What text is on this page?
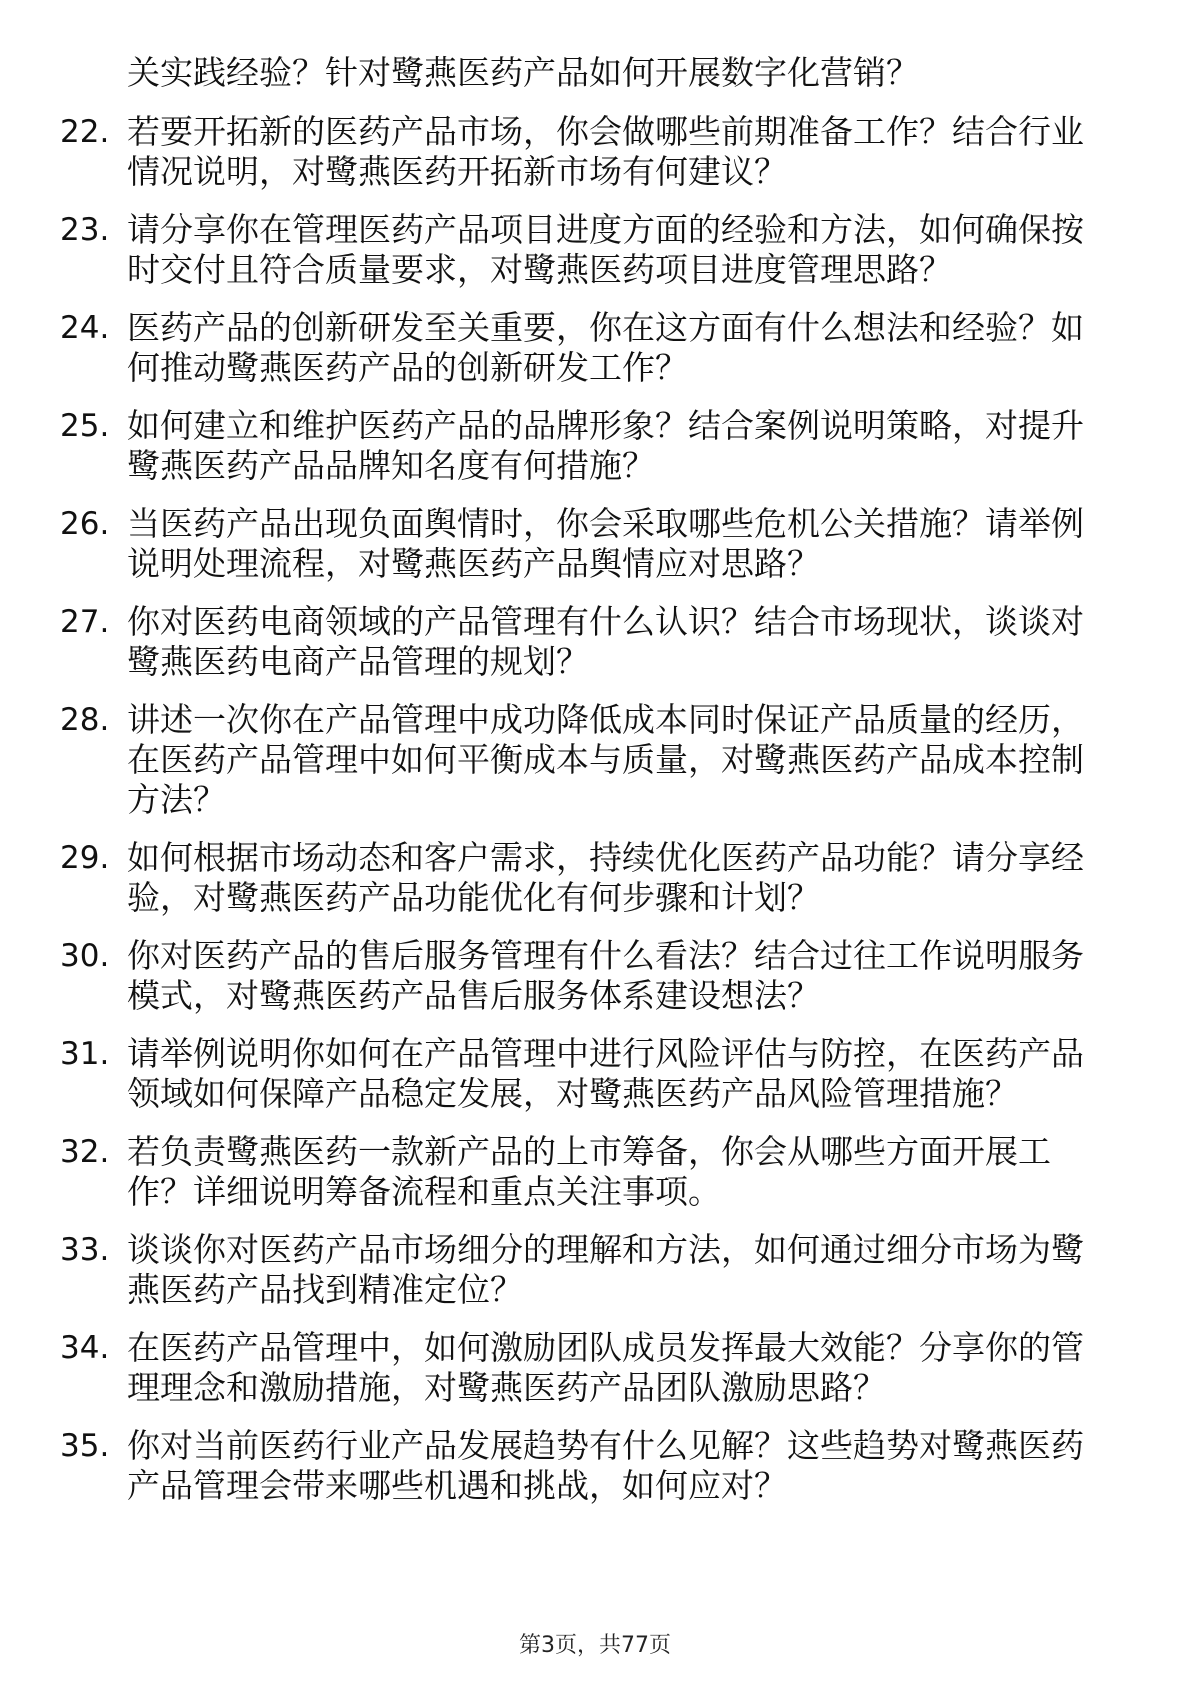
关实践经验？针对鹭燕医药产品如何开展数字化营销？

22. 若要开拓新的医药产品市场，你会做哪些前期准备工作？结合行业情况说明，对鹭燕医药开拓新市场有何建议？

23. 请分享你在管理医药产品项目进度方面的经验和方法，如何确保按时交付且符合质量要求，对鹭燕医药项目进度管理思路？

24. 医药产品的创新研发至关重要，你在这方面有什么想法和经验？如何推动鹭燕医药产品的创新研发工作？

25. 如何建立和维护医药产品的品牌形象？结合案例说明策略，对提升鹭燕医药产品品牌知名度有何措施？

26. 当医药产品出现负面舆情时，你会采取哪些危机公关措施？请举例说明处理流程，对鹭燕医药产品舆情应对思路？

27. 你对医药电商领域的产品管理有什么认识？结合市场现状，谈谈对鹭燕医药电商产品管理的规划？

28. 讲述一次你在产品管理中成功降低成本同时保证产品质量的经历，在医药产品管理中如何平衡成本与质量，对鹭燕医药产品成本控制方法？

29. 如何根据市场动态和客户需求，持续优化医药产品功能？请分享经验，对鹭燕医药产品功能优化有何步骤和计划？

30. 你对医药产品的售后服务管理有什么看法？结合过往工作说明服务模式，对鹭燕医药产品售后服务体系建设想法？

31. 请举例说明你如何在产品管理中进行风险评估与防控，在医药产品领域如何保障产品稳定发展，对鹭燕医药产品风险管理措施？

32. 若负责鹭燕医药一款新产品的上市筹备，你会从哪些方面开展工作？详细说明筹备流程和重点关注事项。

33. 谈谈你对医药产品市场细分的理解和方法，如何通过细分市场为鹭燕医药产品找到精准定位？

34. 在医药产品管理中，如何激励团队成员发挥最大效能？分享你的管理理念和激励措施，对鹭燕医药产品团队激励思路？

35. 你对当前医药行业产品发展趋势有什么见解？这些趋势对鹭燕医药产品管理会带来哪些机遇和挑战，如何应对？

第3页，共77页
